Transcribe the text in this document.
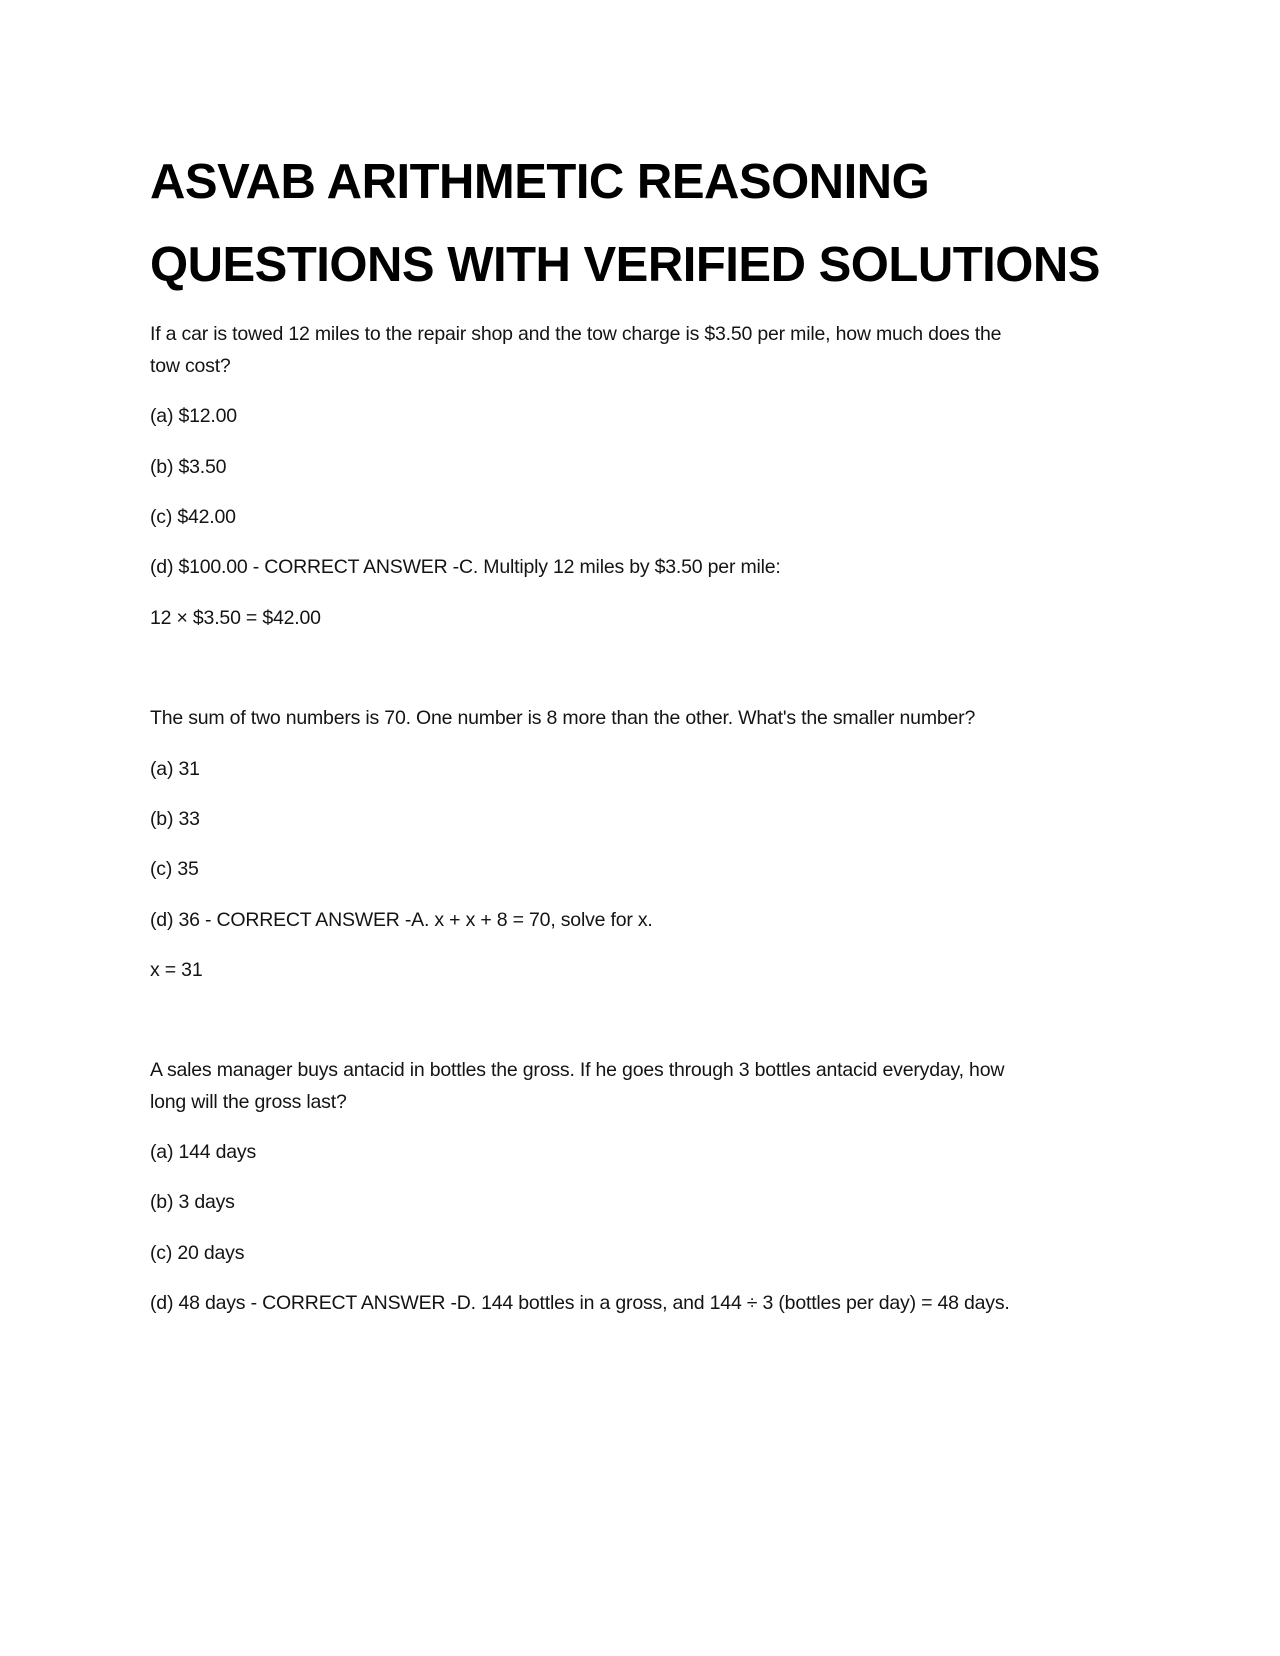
ASVAB ARITHMETIC REASONING
QUESTIONS WITH VERIFIED SOLUTIONS
If a car is towed 12 miles to the repair shop and the tow charge is $3.50 per mile, how much does the
tow cost?
(a) $12.00
(b) $3.50
(c) $42.00
(d) $100.00 - CORRECT ANSWER -C. Multiply 12 miles by $3.50 per mile:
12 × $3.50 = $42.00
The sum of two numbers is 70. One number is 8 more than the other. What's the smaller number?
(a) 31
(b) 33
(c) 35
(d) 36 - CORRECT ANSWER -A. x + x + 8 = 70, solve for x.
x = 31
A sales manager buys antacid in bottles the gross. If he goes through 3 bottles antacid everyday, how
long will the gross last?
(a) 144 days
(b) 3 days
(c) 20 days
(d) 48 days - CORRECT ANSWER -D. 144 bottles in a gross, and 144 ÷ 3 (bottles per day) = 48 days.
